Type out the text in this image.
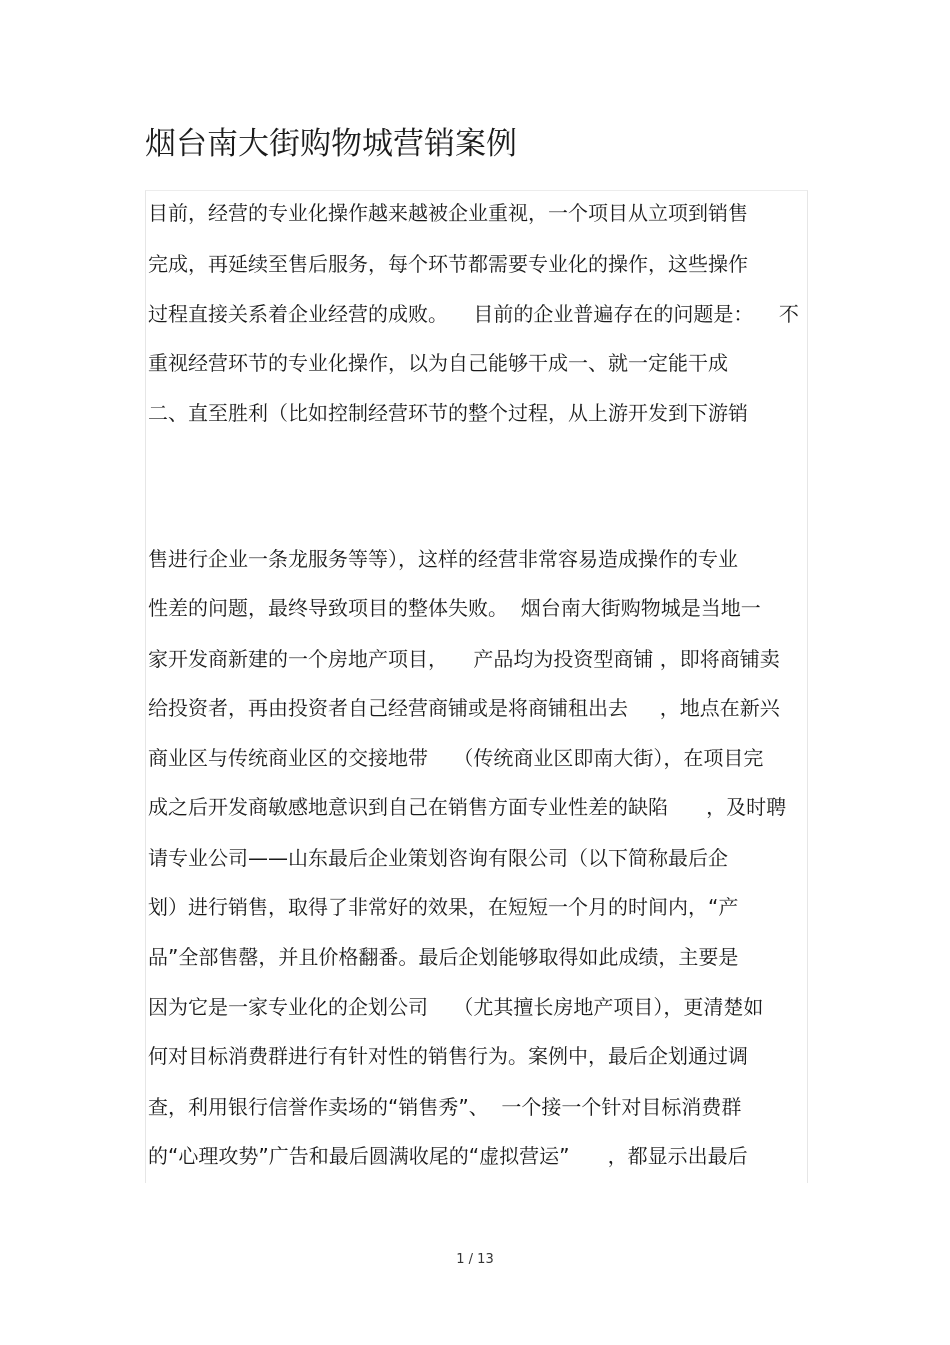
烟台南大街购物城营销案例

目前，经营的专业化操作越来越被企业重视，一个项目从立项到销售

完成，再延续至售后服务，每个环节都需要专业化的操作，这些操作

过程直接关系着企业经营的成败。    目前的企业普遍存在的问题是：    不

重视经营环节的专业化操作，以为自己能够干成一、就一定能干成

二、直至胜利（比如控制经营环节的整个过程，从上游开发到下游销

售进行企业一条龙服务等等），这样的经营非常容易造成操作的专业

性差的问题，最终导致项目的整体失败。  烟台南大街购物城是当地一

家开发商新建的一个房地产项目，    产品均为投资型商铺 ，即将商铺卖

给投资者，再由投资者自己经营商铺或是将商铺租出去     ，地点在新兴

商业区与传统商业区的交接地带    （传统商业区即南大街），在项目完

成之后开发商敏感地意识到自己在销售方面专业性差的缺陷      ，及时聘

请专业公司——山东最后企业策划咨询有限公司（以下简称最后企

划）进行销售，取得了非常好的效果，在短短一个月的时间内，“产

品”全部售罄，并且价格翻番。最后企划能够取得如此成绩，主要是

因为它是一家专业化的企划公司    （尤其擅长房地产项目），更清楚如

何对目标消费群进行有针对性的销售行为。案例中，最后企划通过调

查，利用银行信誉作卖场的“销售秀”、  一个接一个针对目标消费群

的“心理攻势”广告和最后圆满收尾的“虚拟营运”      ，都显示出最后

1 / 13
